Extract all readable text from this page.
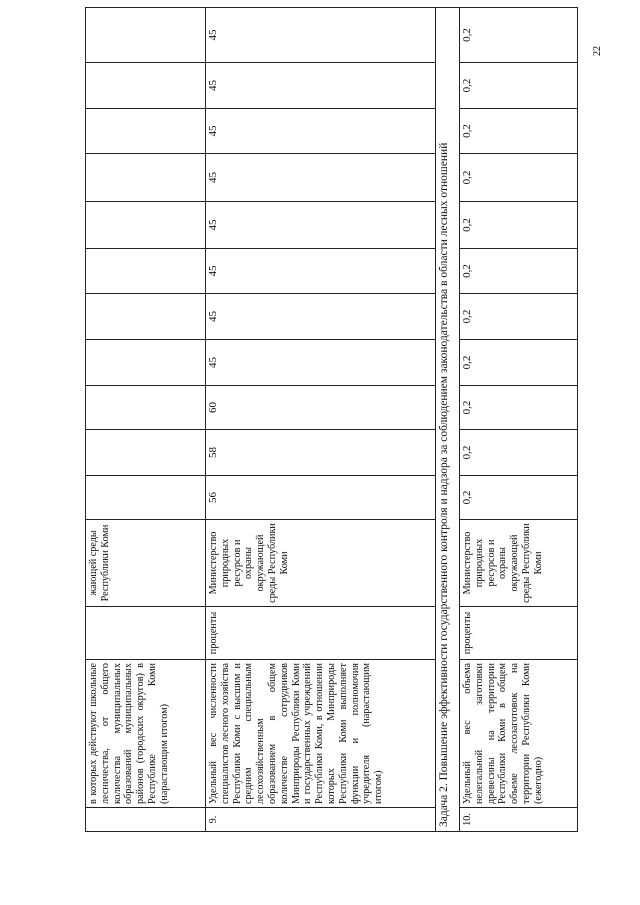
	в которых действуют школьные лесничества, от общего количества муниципальных образований муниципальных районов (городских округов) в Республике Коми (нарастающим итогом)		жающей среды Республики Коми											
9.	Удельный вес численности специалистов лесного хозяйства Республики Коми с высшим и средним специальным лесохозяйственным образованием в общем количестве сотрудников Минприроды Республики Коми и государственных учреждений Республики Коми, в отношении которых Минприроды Республики Коми выполняет функции и полномочия учредителя (нарастающим итогом)	проценты	Министерство природных ресурсов и охраны окружающей среды Республики Коми	56	58	60	45	45	45	45	45	45	45	45
Задача 2. Повышение эффективности государственного контроля и надзора за соблюдением законодательства в области лесных отношений														
10.	Удельный вес объема нелегальной заготовки древесины на территории Республики Коми в общем объеме лесозаготовок на территории Республики Коми (ежегодно)	проценты	Министерство природных ресурсов и охраны окружающей среды Республики Коми	0,2	0,2	0,2	0,2	0,2	0,2	0,2	0,2	0,2	0,2	0,2
22
